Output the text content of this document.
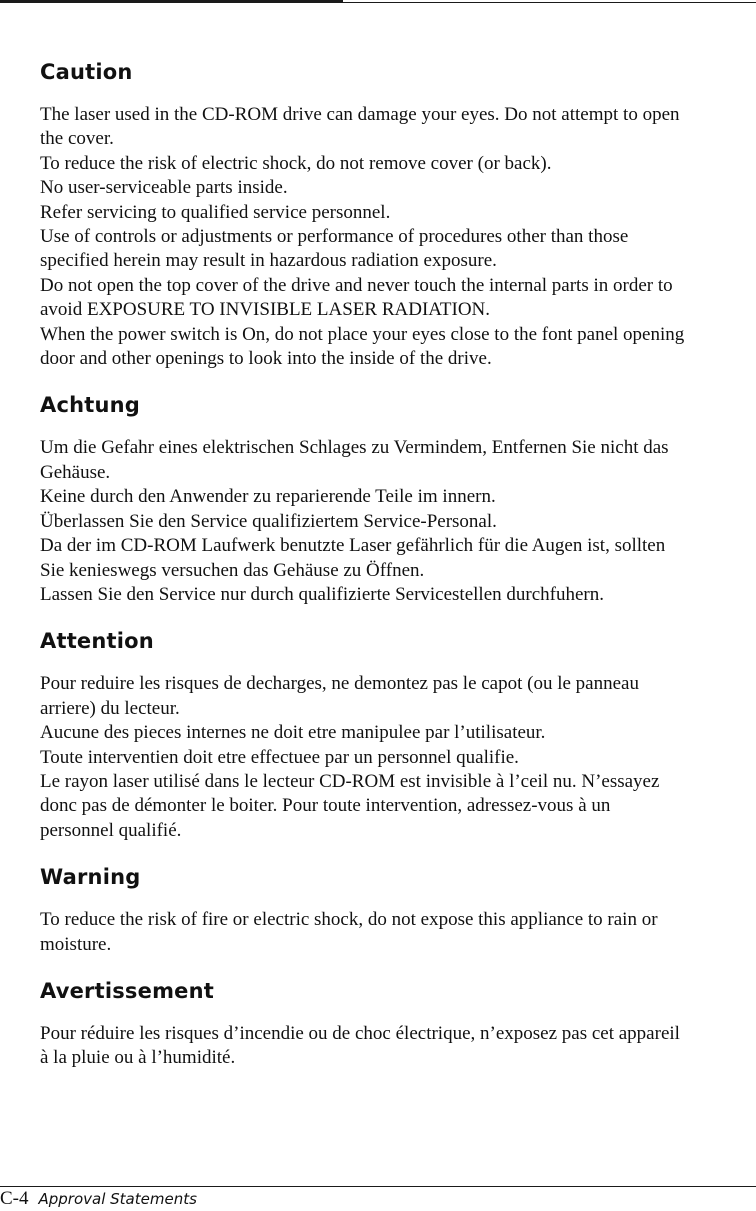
Caution
The laser used in the CD-ROM drive can damage your eyes. Do not attempt to open
the cover.
To reduce the risk of electric shock, do not remove cover (or back).
No user-serviceable parts inside.
Refer servicing to qualified service personnel.
Use of controls or adjustments or performance of procedures other than those
specified herein may result in hazardous radiation exposure.
Do not open the top cover of the drive and never touch the internal parts in order to
avoid EXPOSURE TO INVISIBLE LASER RADIATION.
When the power switch is On, do not place your eyes close to the font panel opening
door and other openings to look into the inside of the drive.
Achtung
Um die Gefahr eines elektrischen Schlages zu Vermindem, Entfernen Sie nicht das
Gehäuse.
Keine durch den Anwender zu reparierende Teile im innern.
Überlassen Sie den Service qualifiziertem Service-Personal.
Da der im CD-ROM Laufwerk benutzte Laser gefährlich für die Augen ist, sollten
Sie kenieswegs versuchen das Gehäuse zu Öffnen.
Lassen Sie den Service nur durch qualifizierte Servicestellen durchfuhern.
Attention
Pour reduire les risques de decharges, ne demontez pas le capot (ou le panneau
arriere) du lecteur.
Aucune des pieces internes ne doit etre manipulee par l’utilisateur.
Toute interventien doit etre effectuee par un personnel qualifie.
Le rayon laser utilisé dans le lecteur CD-ROM est invisible à l’ceil nu. N’essayez
donc pas de démonter le boiter. Pour toute intervention, adressez-vous à un
personnel qualifié.
Warning
To reduce the risk of fire or electric shock, do not expose this appliance to rain or
moisture.
Avertissement
Pour réduire les risques d’incendie ou de choc électrique, n’exposez pas cet appareil
à la pluie ou à l’humidité.
C-4 Approval Statements
